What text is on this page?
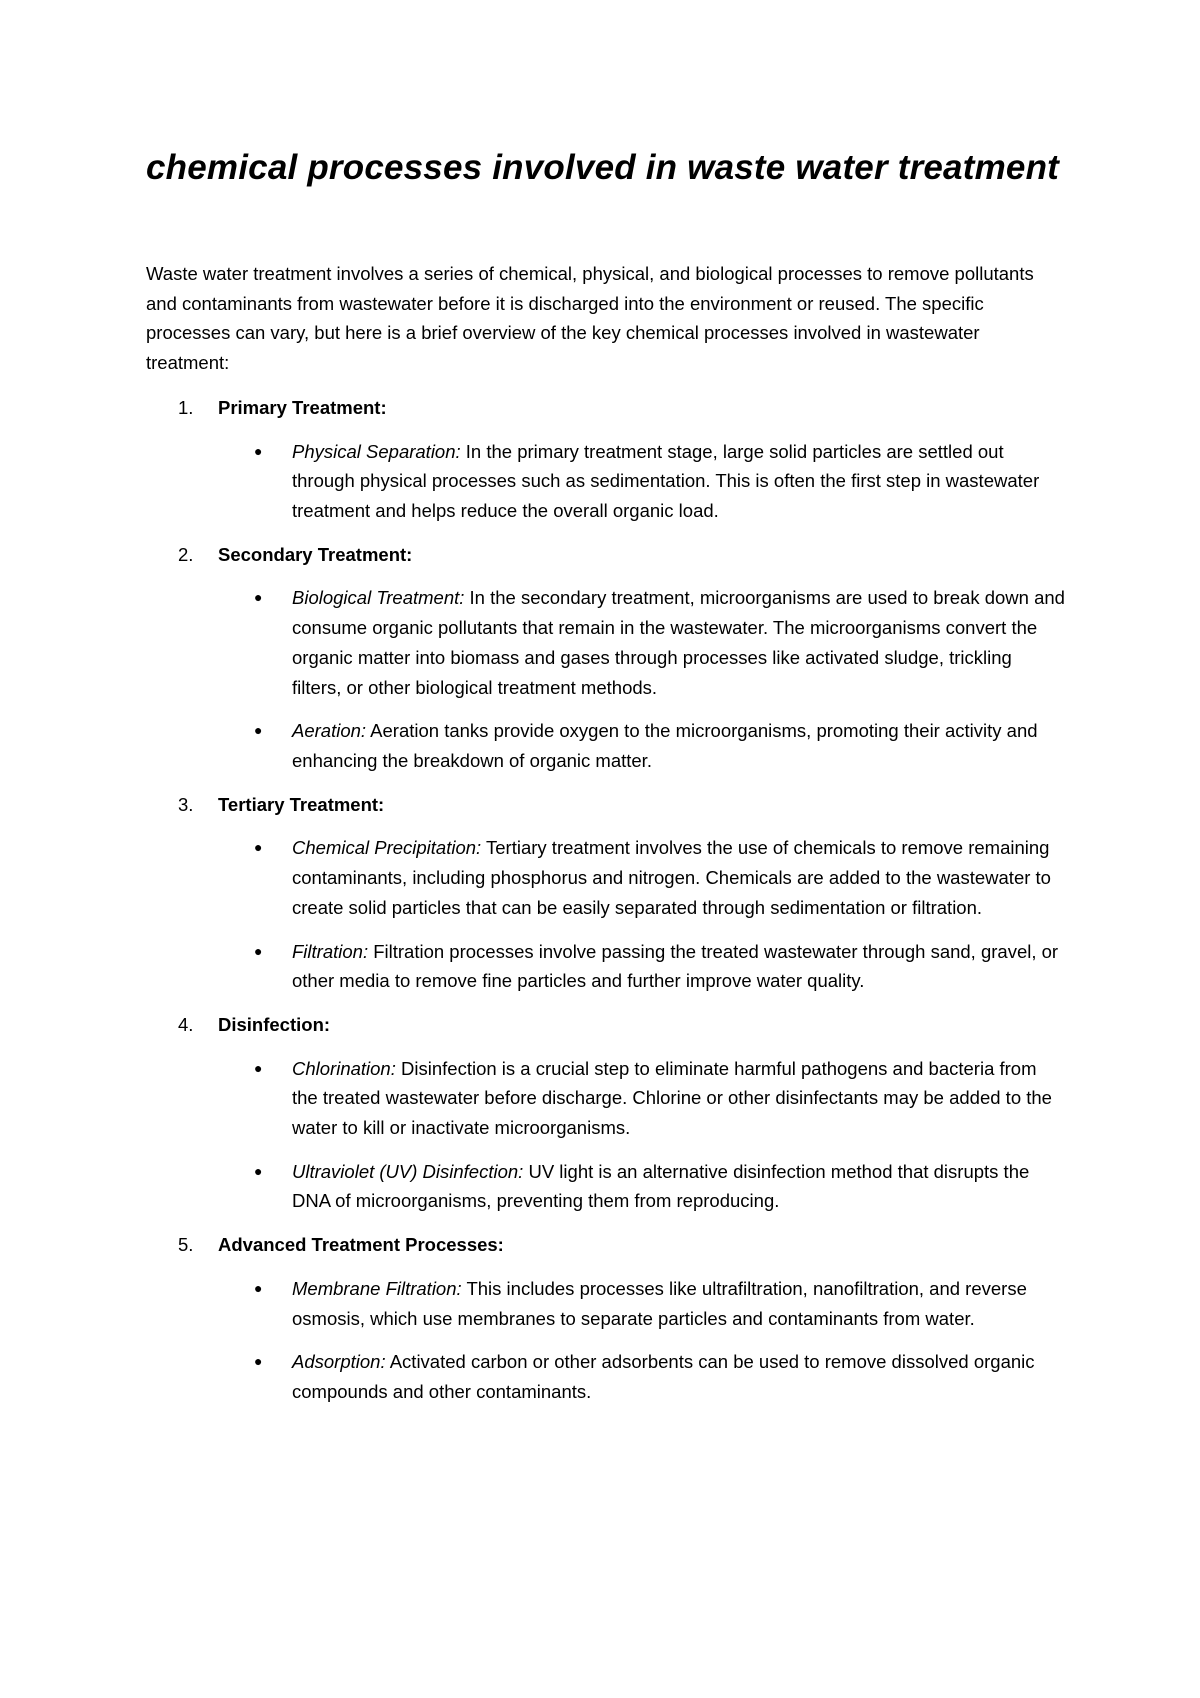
chemical processes involved in waste water treatment

Waste water treatment involves a series of chemical, physical, and biological processes to remove pollutants and contaminants from wastewater before it is discharged into the environment or reused. The specific processes can vary, but here is a brief overview of the key chemical processes involved in wastewater treatment:

1.	Primary Treatment:
●	Physical Separation: In the primary treatment stage, large solid particles are settled out through physical processes such as sedimentation. This is often the first step in wastewater treatment and helps reduce the overall organic load.
2.	Secondary Treatment:
●	Biological Treatment: In the secondary treatment, microorganisms are used to break down and consume organic pollutants that remain in the wastewater. The microorganisms convert the organic matter into biomass and gases through processes like activated sludge, trickling filters, or other biological treatment methods.
●	Aeration: Aeration tanks provide oxygen to the microorganisms, promoting their activity and enhancing the breakdown of organic matter.
3.	Tertiary Treatment:
●	Chemical Precipitation: Tertiary treatment involves the use of chemicals to remove remaining contaminants, including phosphorus and nitrogen. Chemicals are added to the wastewater to create solid particles that can be easily separated through sedimentation or filtration.
●	Filtration: Filtration processes involve passing the treated wastewater through sand, gravel, or other media to remove fine particles and further improve water quality.
4.	Disinfection:
●	Chlorination: Disinfection is a crucial step to eliminate harmful pathogens and bacteria from the treated wastewater before discharge. Chlorine or other disinfectants may be added to the water to kill or inactivate microorganisms.
●	Ultraviolet (UV) Disinfection: UV light is an alternative disinfection method that disrupts the DNA of microorganisms, preventing them from reproducing.
5.	Advanced Treatment Processes:
●	Membrane Filtration: This includes processes like ultrafiltration, nanofiltration, and reverse osmosis, which use membranes to separate particles and contaminants from water.
●	Adsorption: Activated carbon or other adsorbents can be used to remove dissolved organic compounds and other contaminants.
